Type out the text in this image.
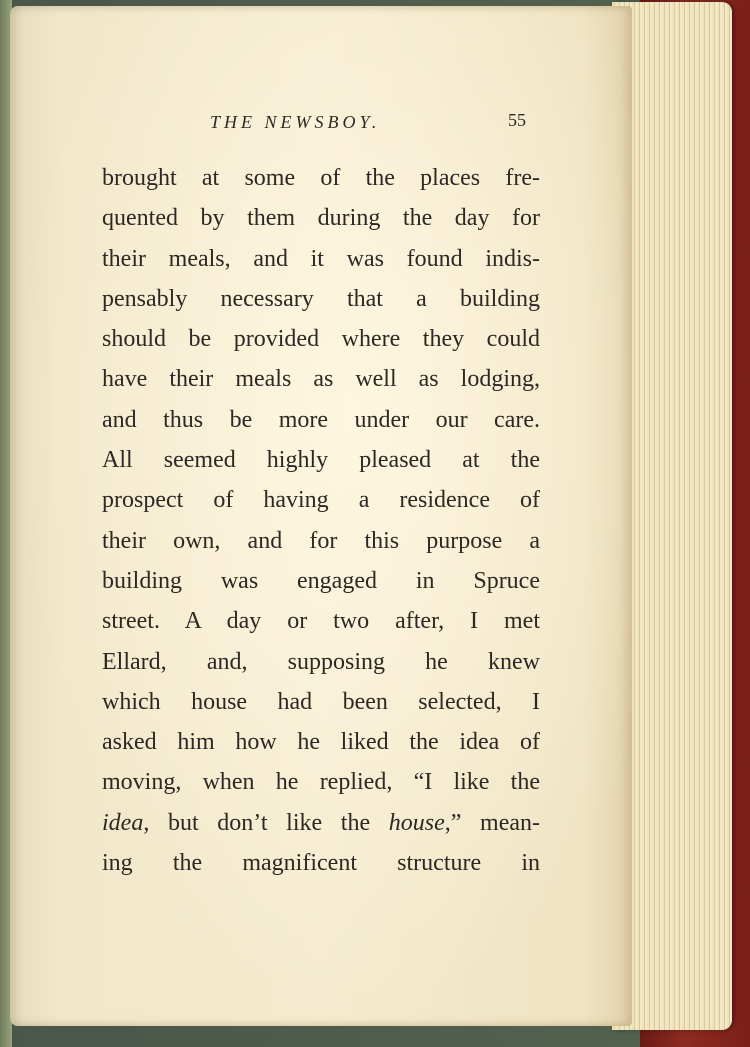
THE NEWSBOY.	55
brought at some of the places fre-
quented by them during the day for
their meals, and it was found indis-
pensably necessary that a building
should be provided where they could
have their meals as well as lodging,
and thus be more under our care.
All seemed highly pleased at the
prospect of having a residence of
their own, and for this purpose a
building was engaged in Spruce
street. A day or two after, I met
Ellard, and, supposing he knew
which house had been selected, I
asked him how he liked the idea of
moving, when he replied, “I like the
idea, but don’t like the house,” mean-
ing the magnificent structure in
